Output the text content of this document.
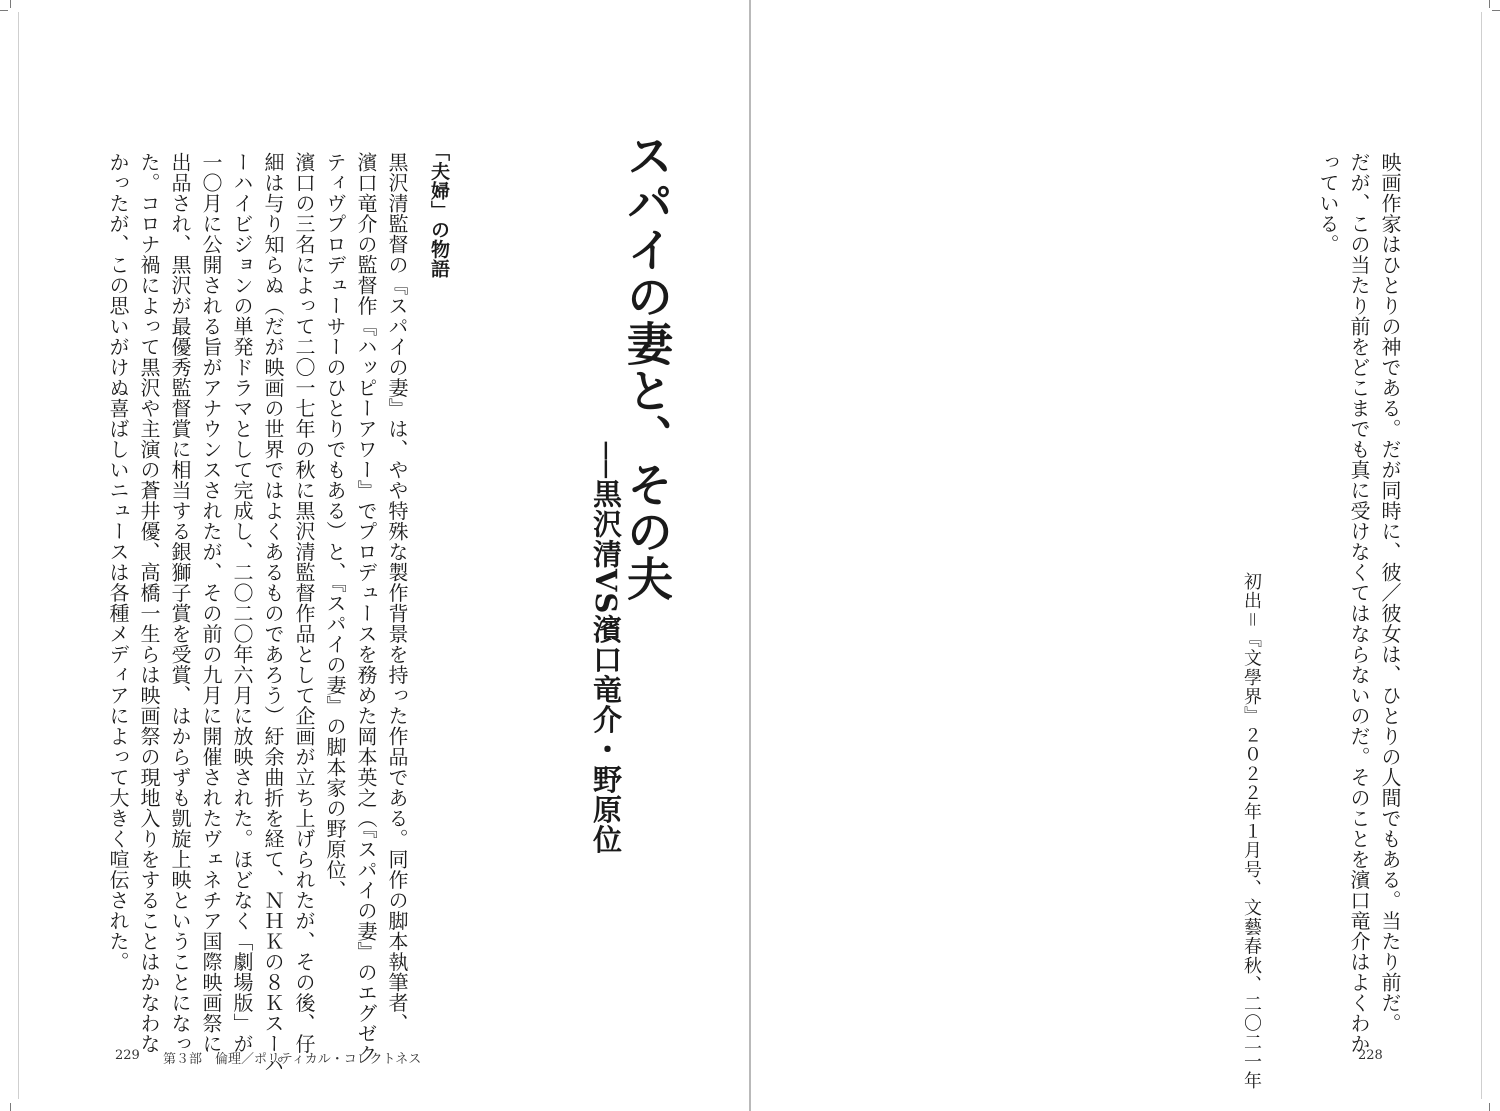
映画作家はひとりの神である。だが同時に、彼／彼女は、ひとりの人間でもある。当たり前だ。
だが、この当たり前をどこまでも真に受けなくてはならないのだ。そのことを濱口竜介はよくわか
っている。
初出＝『文學界』２０２２年１月号、文藝春秋、二〇二一年	228
スパイの妻と、その夫
──黒沢清VS濱口竜介・野原位
「夫婦」の物語
黒沢清監督の『スパイの妻』は、やや特殊な製作背景を持った作品である。同作の脚本執筆者、
濱口竜介の監督作『ハッピーアワー』でプロデュースを務めた岡本英之（『スパイの妻』のエグゼク
ティヴプロデューサーのひとりでもある）と、『スパイの妻』の脚本家の野原位、
濱口の三名によって二〇一七年の秋に黒沢清監督作品として企画が立ち上げられたが、その後、仔
細は与り知らぬ（だが映画の世界ではよくあるものであろう）紆余曲折を経て、ＮＨＫの８Ｋスーパ
ーハイビジョンの単発ドラマとして完成し、二〇二〇年六月に放映された。ほどなく「劇場版」が
一〇月に公開される旨がアナウンスされたが、その前の九月に開催されたヴェネチア国際映画祭に
出品され、黒沢が最優秀監督賞に相当する銀獅子賞を受賞、はからずも凱旋上映ということになっ
た。コロナ禍によって黒沢や主演の蒼井優、高橋一生らは映画祭の現地入りをすることはかなわな
かったが、この思いがけぬ喜ばしいニュースは各種メディアによって大きく喧伝された。
229 第３部　倫理／ポリティカル・コレクトネス
